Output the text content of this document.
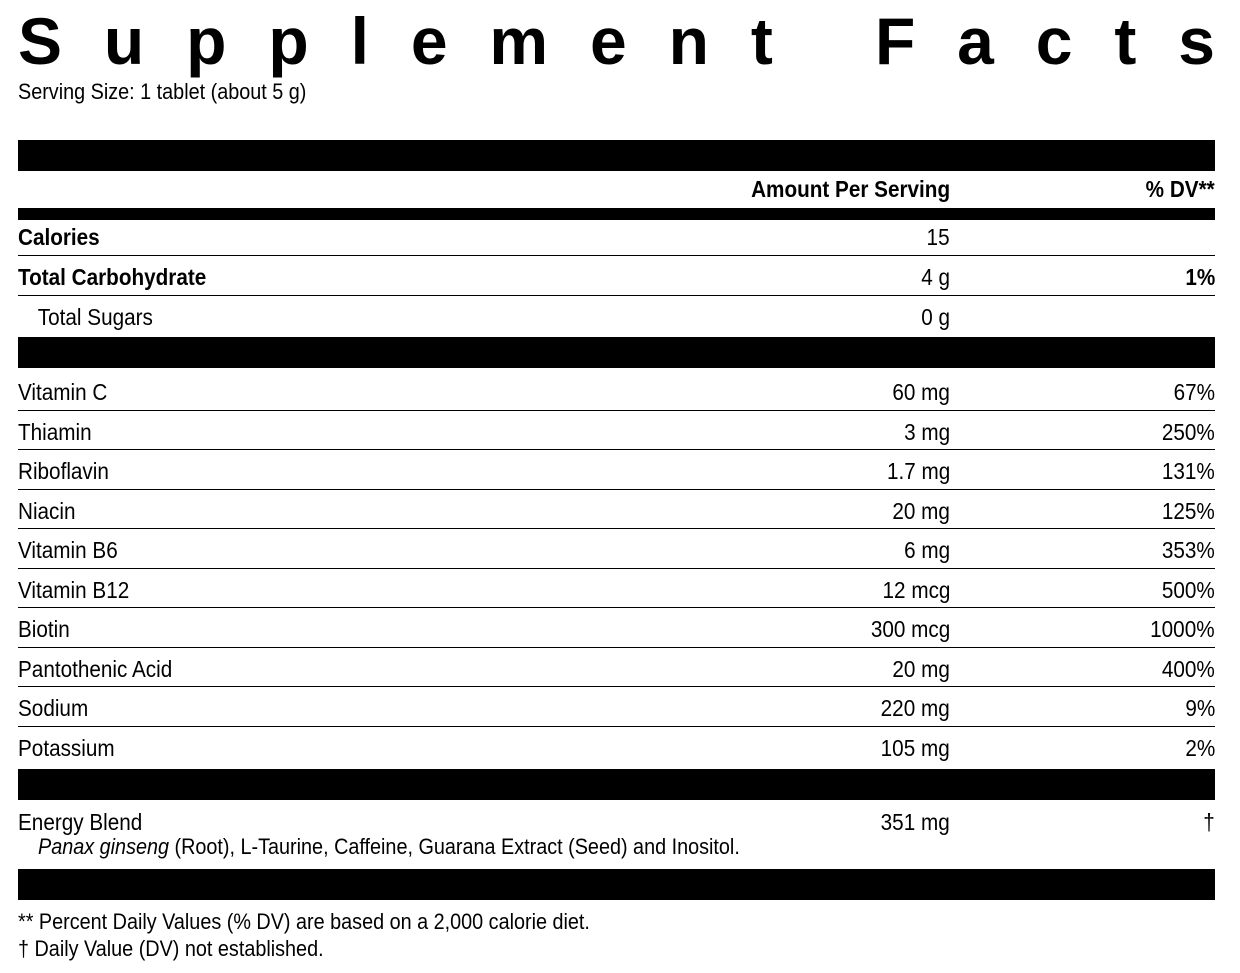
S u p p l e m e n t
F a c t s
Serving Size: 1 tablet (about 5 g)
Amount Per Serving	% DV**
Calories	15
Total Carbohydrate	4 g	1%
Total Sugars	0 g
Vitamin C	60 mg	67%
Thiamin	3 mg	250%
Riboflavin	1.7 mg	131%
Niacin	20 mg	125%
Vitamin B6	6 mg	353%
Vitamin B12	12 mcg	500%
Biotin	300 mcg	1000%
Pantothenic Acid	20 mg	400%
Sodium	220 mg	9%
Potassium	105 mg	2%
Energy Blend	351 mg	†
Panax ginseng (Root), L-Taurine, Caffeine, Guarana Extract (Seed) and Inositol.
** Percent Daily Values (% DV) are based on a 2,000 calorie diet.
† Daily Value (DV) not established.
